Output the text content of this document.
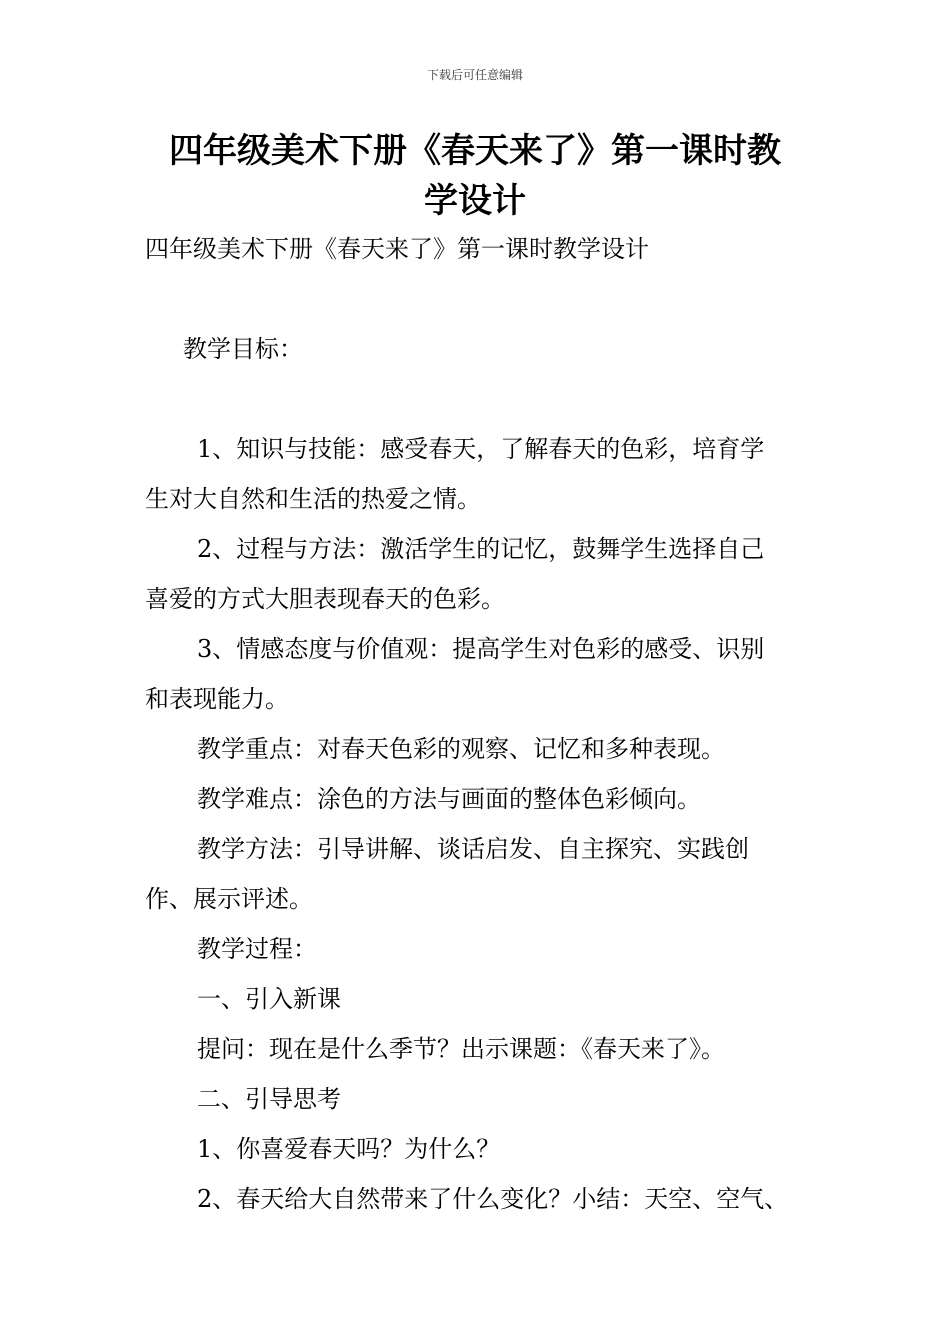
下载后可任意编辑
四年级美术下册《春天来了》第一课时教
学设计

四年级美术下册《春天来了》第一课时教学设计

教学目标：

1、知识与技能：感受春天，了解春天的色彩，培育学

生对大自然和生活的热爱之情。

2、过程与方法：激活学生的记忆，鼓舞学生选择自己

喜爱的方式大胆表现春天的色彩。

3、情感态度与价值观：提高学生对色彩的感受、识别

和表现能力。

教学重点：对春天色彩的观察、记忆和多种表现。

教学难点：涂色的方法与画面的整体色彩倾向。

教学方法：引导讲解、谈话启发、自主探究、实践创

作、展示评述。

教学过程：

一、引入新课

提问：现在是什么季节？出示课题：《春天来了》。

二、引导思考

1、你喜爱春天吗？为什么？

2、春天给大自然带来了什么变化？小结：天空、空气、
